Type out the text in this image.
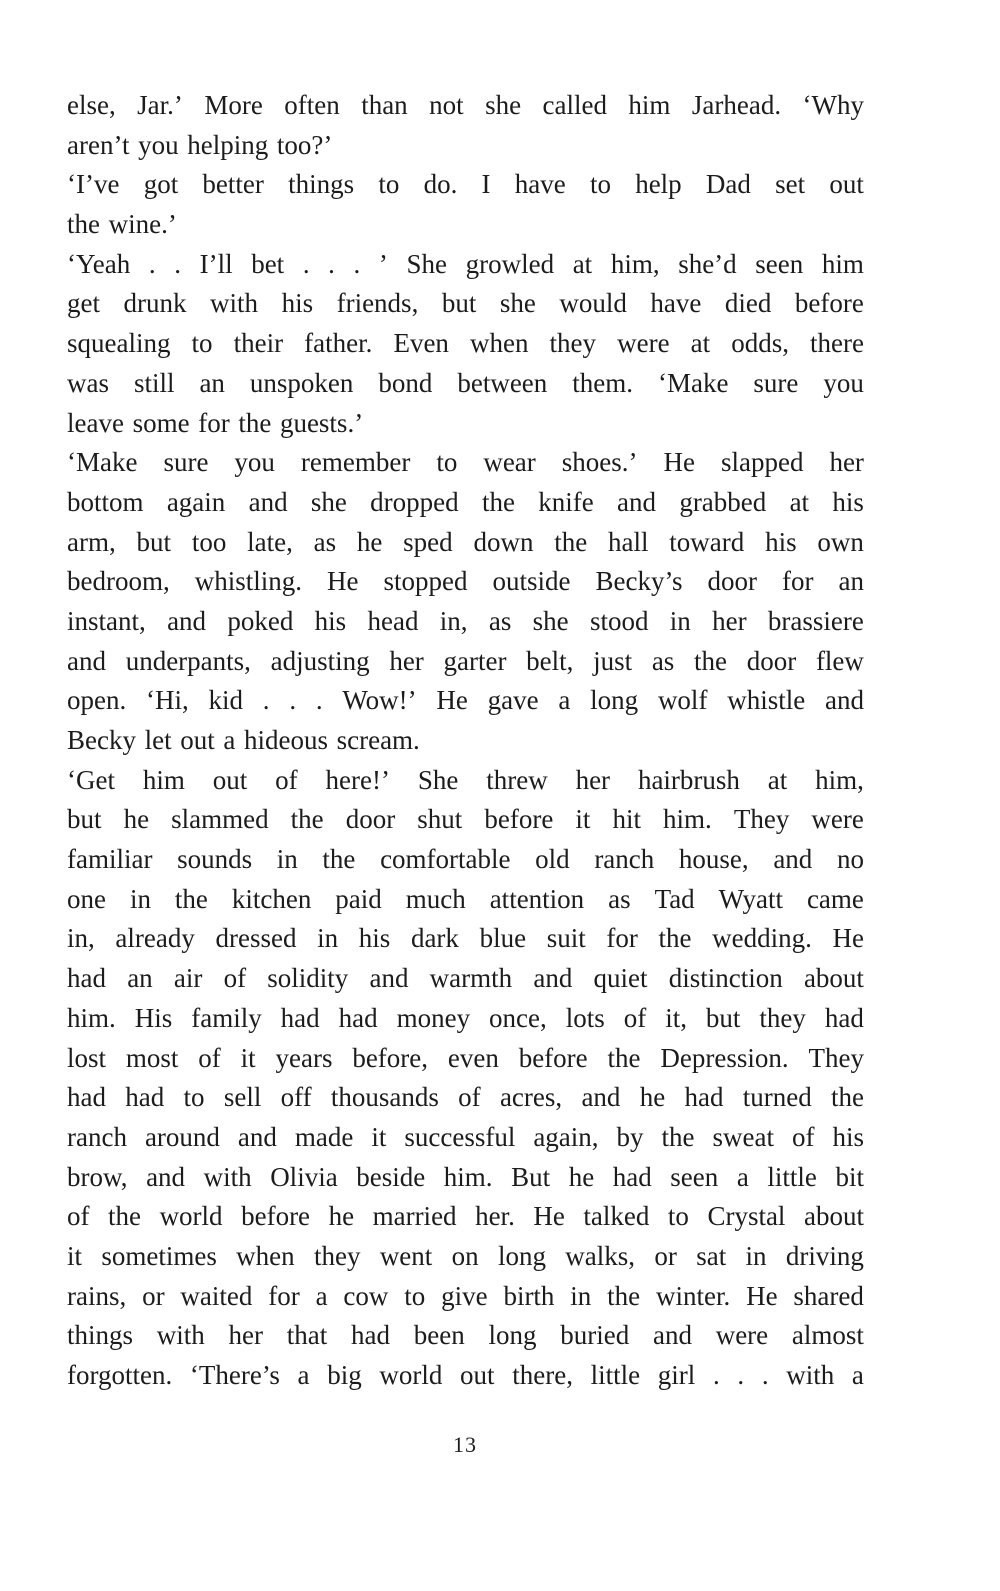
else, Jar.’ More often than not she called him Jarhead. ‘Why
aren’t you helping too?’
‘I’ve got better things to do. I have to help Dad set out
the wine.’
‘Yeah . . I’ll bet . . . ’ She growled at him, she’d seen him
get drunk with his friends, but she would have died before
squealing to their father. Even when they were at odds, there
was still an unspoken bond between them. ‘Make sure you
leave some for the guests.’
‘Make sure you remember to wear shoes.’ He slapped her
bottom again and she dropped the knife and grabbed at his
arm, but too late, as he sped down the hall toward his own
bedroom, whistling. He stopped outside Becky’s door for an
instant, and poked his head in, as she stood in her brassiere
and underpants, adjusting her garter belt, just as the door flew
open. ‘Hi, kid . . . Wow!’ He gave a long wolf whistle and
Becky let out a hideous scream.
‘Get him out of here!’ She threw her hairbrush at him,
but he slammed the door shut before it hit him. They were
familiar sounds in the comfortable old ranch house, and no
one in the kitchen paid much attention as Tad Wyatt came
in, already dressed in his dark blue suit for the wedding. He
had an air of solidity and warmth and quiet distinction about
him. His family had had money once, lots of it, but they had
lost most of it years before, even before the Depression. They
had had to sell off thousands of acres, and he had turned the
ranch around and made it successful again, by the sweat of his
brow, and with Olivia beside him. But he had seen a little bit
of the world before he married her. He talked to Crystal about
it sometimes when they went on long walks, or sat in driving
rains, or waited for a cow to give birth in the winter. He shared
things with her that had been long buried and were almost
forgotten. ‘There’s a big world out there, little girl . . . with a
13
